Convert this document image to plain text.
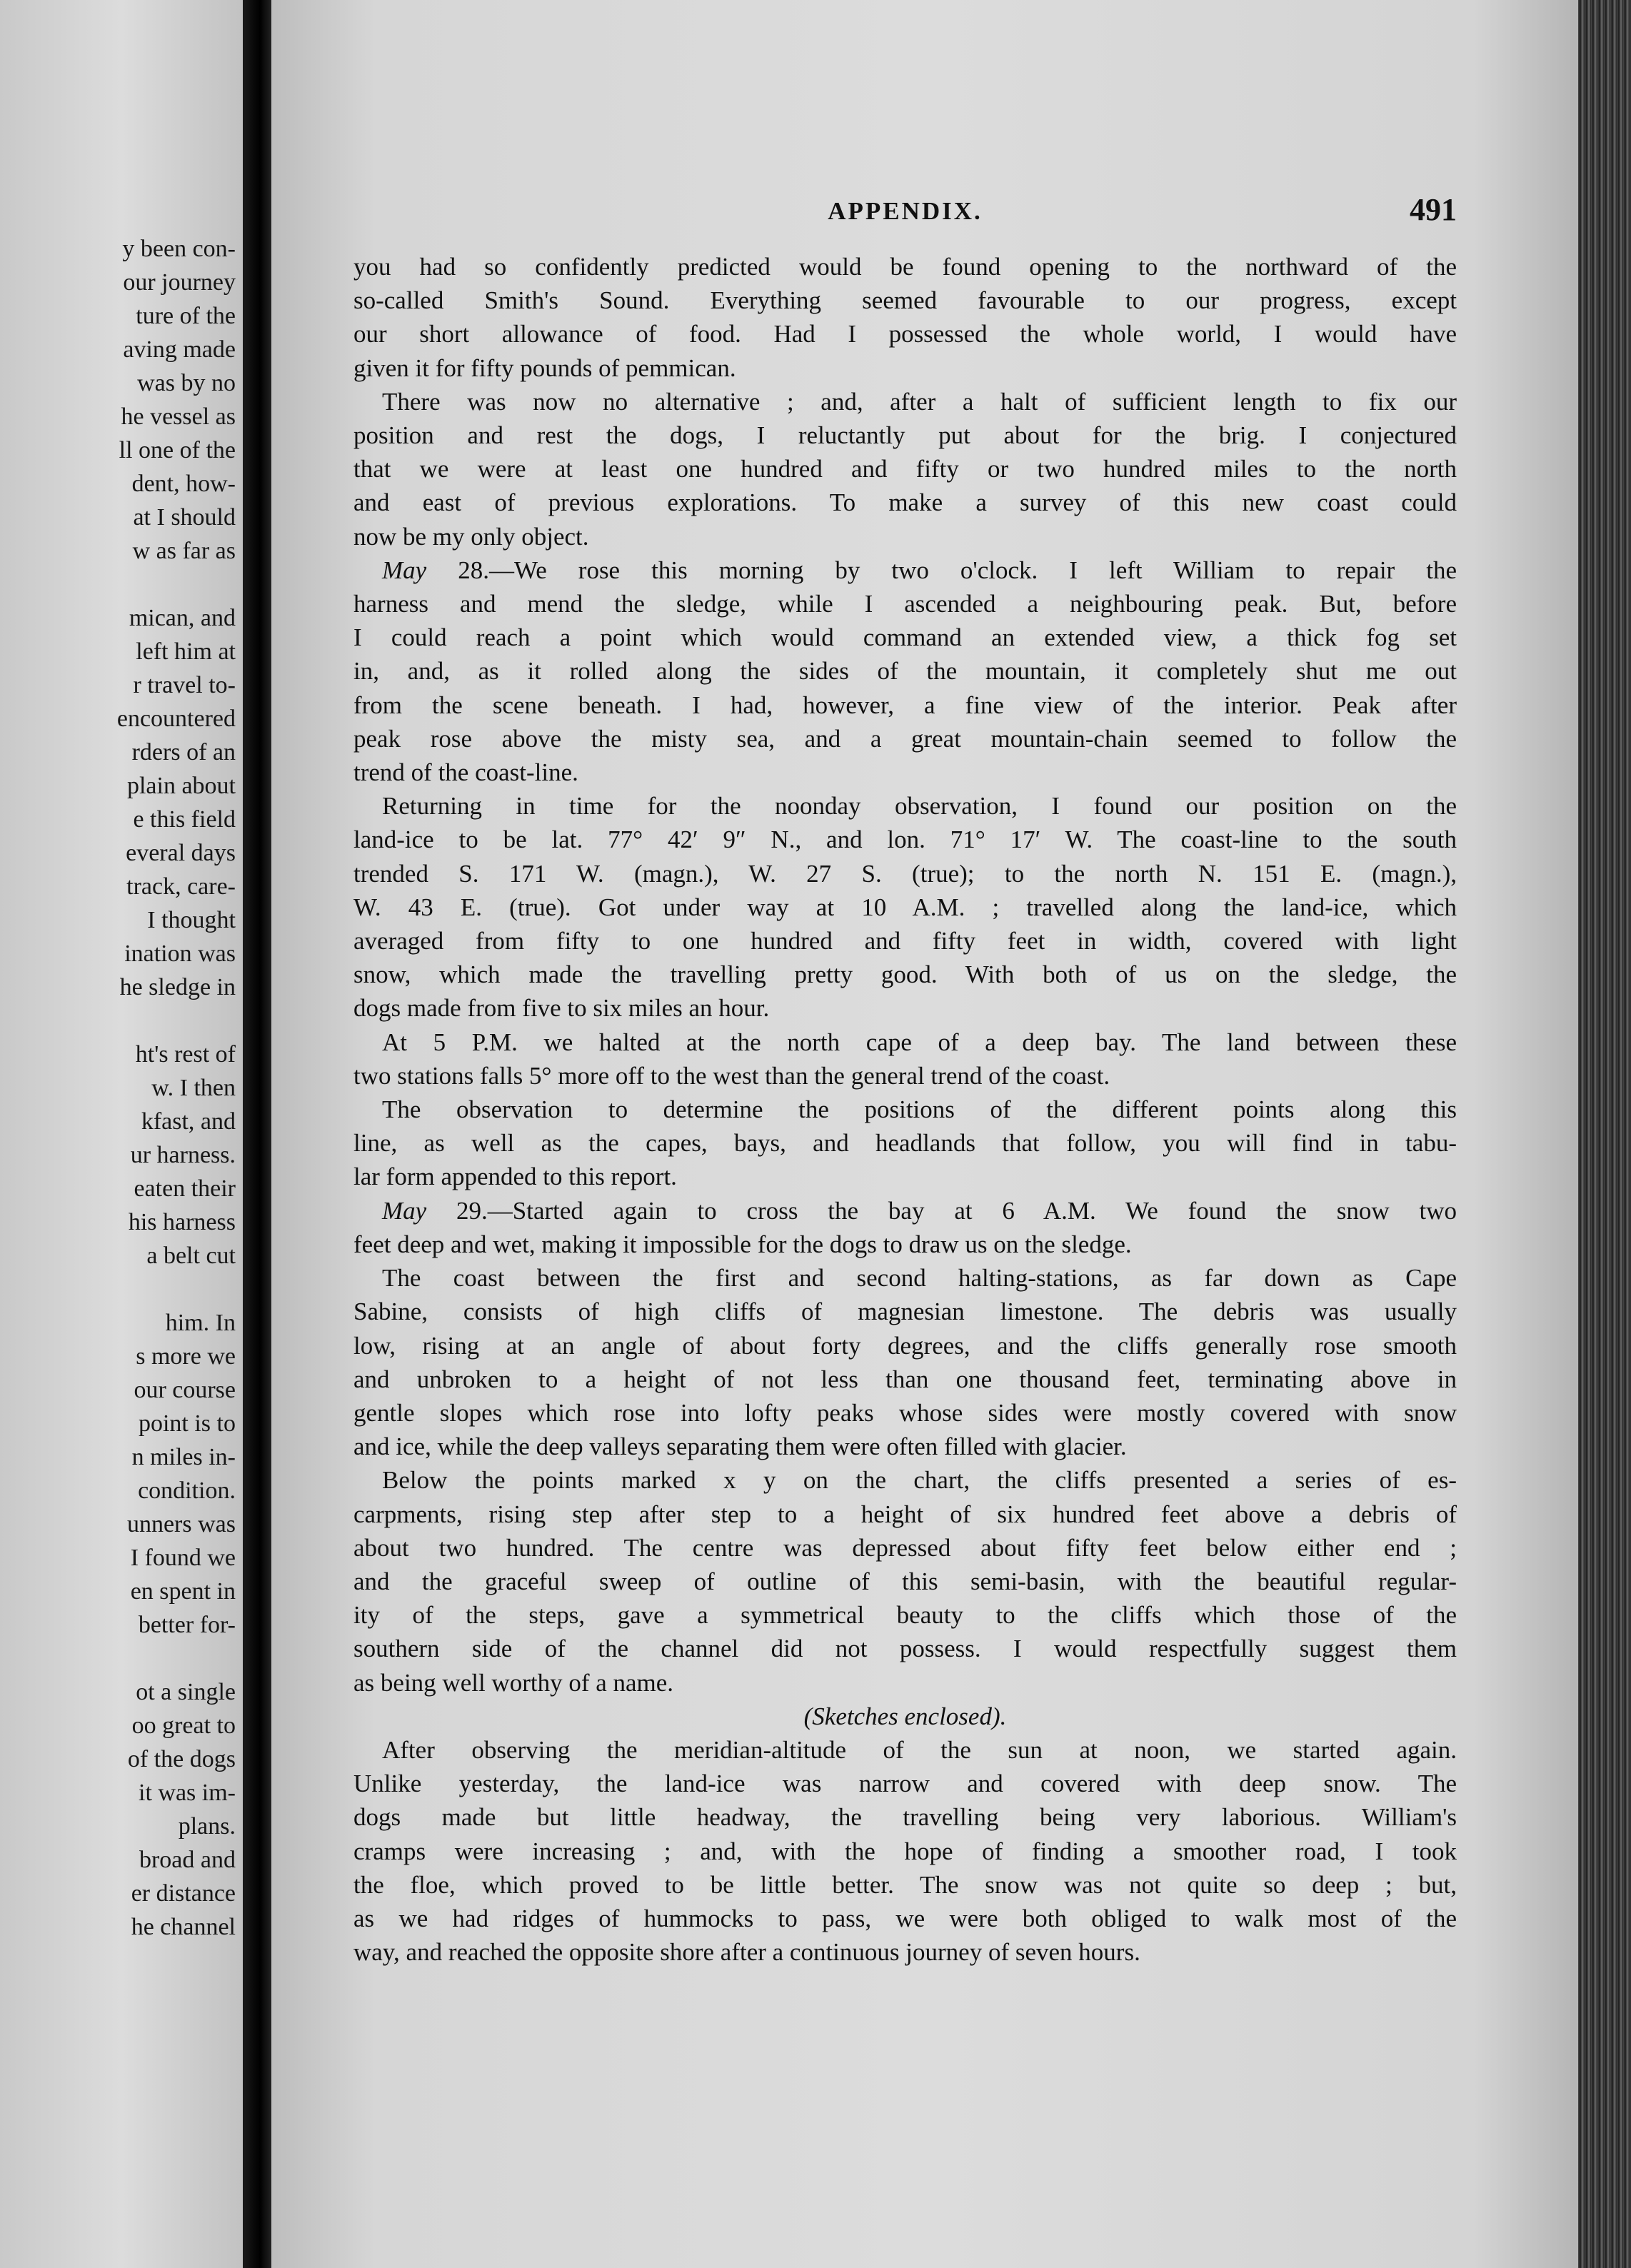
y been con-
our journey
ture of the
aving made
was by no
he vessel as
ll one of the
dent, how-
at I should
w as far as
mican, and
left him at
r travel to-
encountered
rders of an
plain about
e this field
everal days
track, care-
I thought
ination was
he sledge in
ht's rest of
w. I then
kfast, and
ur harness.
eaten their
his harness
a belt cut
him. In
s more we
our course
point is to
n miles in-
condition.
unners was
I found we
en spent in
better for-
ot a single
oo great to
of the dogs
it was im-
plans.
broad and
er distance
he channel
APPENDIX.	491
you had so confidently predicted would be found opening to the northward of the
so-called Smith's Sound. Everything seemed favourable to our progress, except
our short allowance of food. Had I possessed the whole world, I would have
given it for fifty pounds of pemmican.
There was now no alternative ; and, after a halt of sufficient length to fix our
position and rest the dogs, I reluctantly put about for the brig. I conjectured
that we were at least one hundred and fifty or two hundred miles to the north
and east of previous explorations. To make a survey of this new coast could
now be my only object.
May 28.—We rose this morning by two o'clock. I left William to repair the
harness and mend the sledge, while I ascended a neighbouring peak. But, before
I could reach a point which would command an extended view, a thick fog set
in, and, as it rolled along the sides of the mountain, it completely shut me out
from the scene beneath. I had, however, a fine view of the interior. Peak after
peak rose above the misty sea, and a great mountain-chain seemed to follow the
trend of the coast-line.
Returning in time for the noonday observation, I found our position on the
land-ice to be lat. 77° 42′ 9″ N., and lon. 71° 17′ W. The coast-line to the south
trended S. 171 W. (magn.), W. 27 S. (true); to the north N. 151 E. (magn.),
W. 43 E. (true). Got under way at 10 A.M. ; travelled along the land-ice, which
averaged from fifty to one hundred and fifty feet in width, covered with light
snow, which made the travelling pretty good. With both of us on the sledge, the
dogs made from five to six miles an hour.
At 5 P.M. we halted at the north cape of a deep bay. The land between these
two stations falls 5° more off to the west than the general trend of the coast.
The observation to determine the positions of the different points along this
line, as well as the capes, bays, and headlands that follow, you will find in tabu-
lar form appended to this report.
May 29.—Started again to cross the bay at 6 A.M. We found the snow two
feet deep and wet, making it impossible for the dogs to draw us on the sledge.
The coast between the first and second halting-stations, as far down as Cape
Sabine, consists of high cliffs of magnesian limestone. The debris was usually
low, rising at an angle of about forty degrees, and the cliffs generally rose smooth
and unbroken to a height of not less than one thousand feet, terminating above in
gentle slopes which rose into lofty peaks whose sides were mostly covered with snow
and ice, while the deep valleys separating them were often filled with glacier.
Below the points marked x y on the chart, the cliffs presented a series of es-
carpments, rising step after step to a height of six hundred feet above a debris of
about two hundred. The centre was depressed about fifty feet below either end ;
and the graceful sweep of outline of this semi-basin, with the beautiful regular-
ity of the steps, gave a symmetrical beauty to the cliffs which those of the
southern side of the channel did not possess. I would respectfully suggest them
as being well worthy of a name.
(Sketches enclosed).
After observing the meridian-altitude of the sun at noon, we started again.
Unlike yesterday, the land-ice was narrow and covered with deep snow. The
dogs made but little headway, the travelling being very laborious. William's
cramps were increasing ; and, with the hope of finding a smoother road, I took
the floe, which proved to be little better. The snow was not quite so deep ; but,
as we had ridges of hummocks to pass, we were both obliged to walk most of the
way, and reached the opposite shore after a continuous journey of seven hours.
